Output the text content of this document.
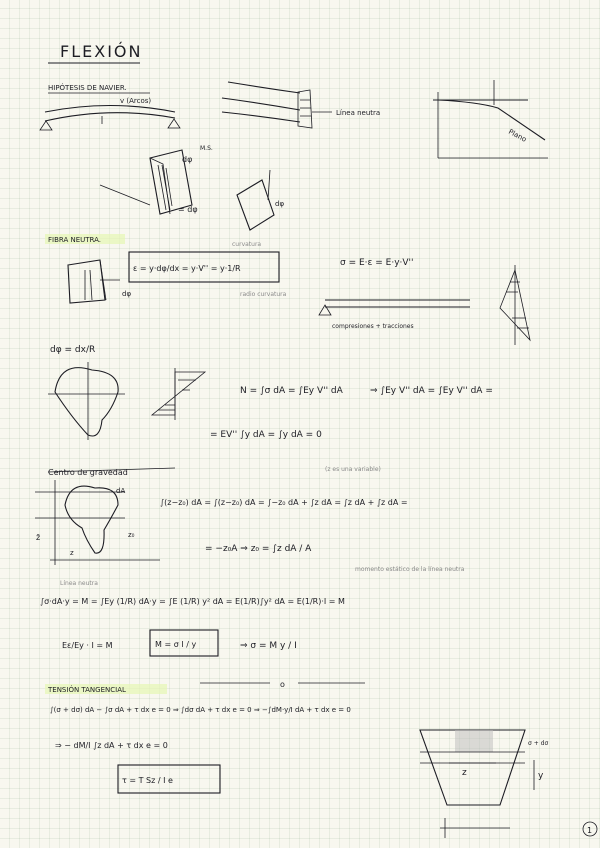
FLEXIÓN
HIPÓTESIS DE NAVIER.
v (Arcos)
dφ
= dφ
M.S.
dφ
Línea neutra
Plano
FIBRA NEUTRA.
dφ
ε = y·dφ/dx = y·V'' = y·1/R
curvatura
radio curvatura
dφ = dx/R
σ = E·ε = E·y·V''
compresiones + tracciones
N = ∫σ dA = ∫Ey V'' dA	⇒ ∫Ey V'' dA = ∫Ey V'' dA =
= EV'' ∫y dA = ∫y dA = 0
Centro de gravedad	(z es una variable)
z̄
dA
z₀
z
Línea neutra
∫(z−z₀) dA = ∫(z−z₀) dA = ∫−z₀ dA + ∫z dA = ∫z dA + ∫z dA =
= −z₀A ⇒ z₀ = ∫z dA / A
momento estático de la línea neutra
∫σ·dA·y = M = ∫Ey (1/R) dA·y = ∫E (1/R) y² dA = E(1/R)∫y² dA = E(1/R)·I = M
Eε/Ey · I = M	M = σ I / y	⇒ σ = M y / I
o
TENSIÓN TANGENCIAL
∫(σ + dσ) dA − ∫σ dA + τ dx e = 0 ⇒ ∫dσ dA + τ dx e = 0 ⇒ −∫dM·y/I dA + τ dx e = 0
⇒ − dM/I ∫z dA + τ dx e = 0
τ = T Sz / I e
z	y
σ + dσ
1
